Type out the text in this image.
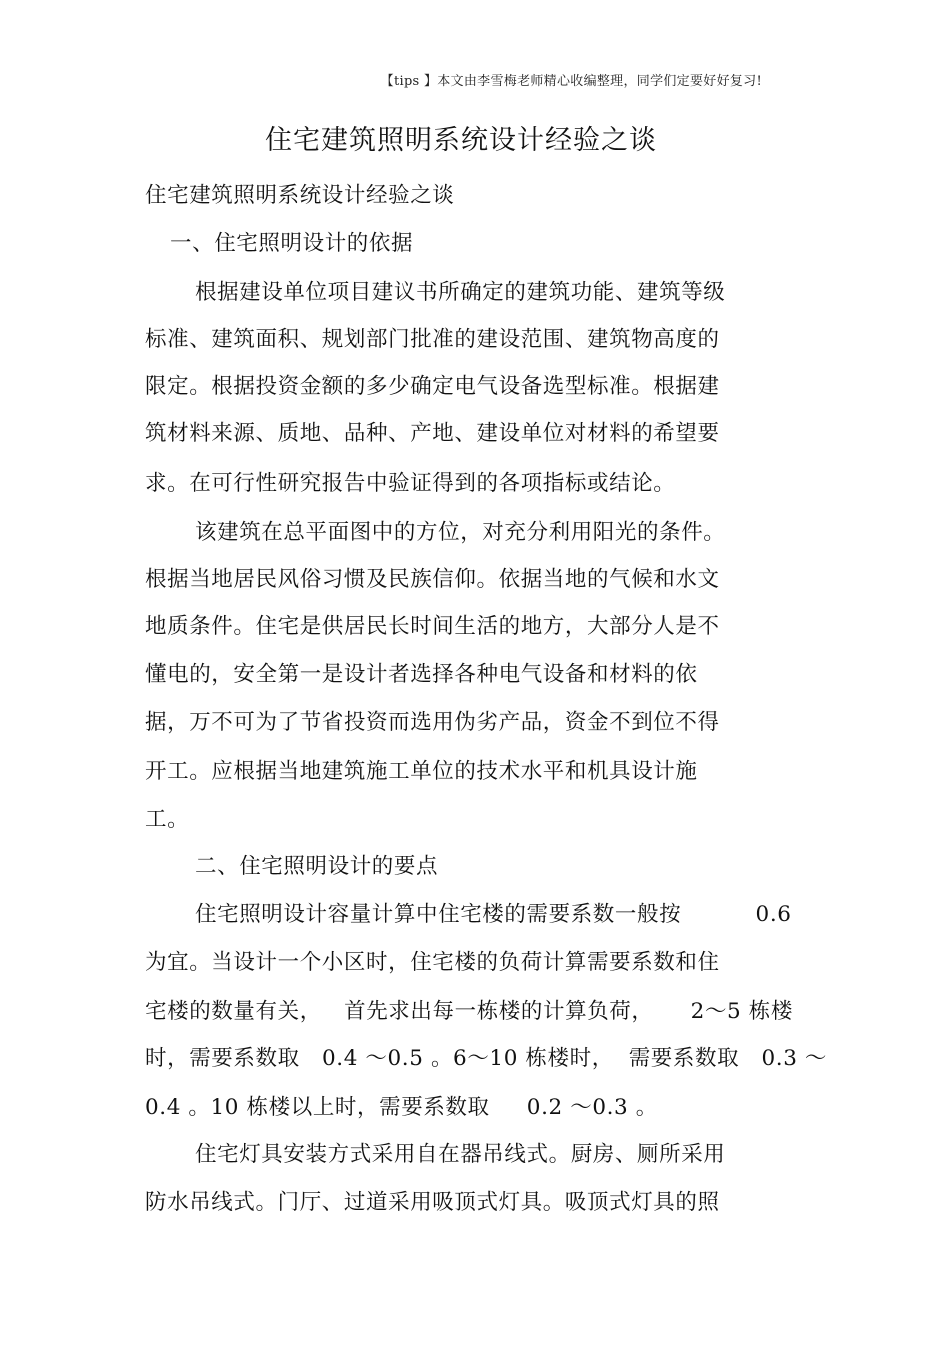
【tips 】本文由李雪梅老师精心收编整理，同学们定要好好复习!
住宅建筑照明系统设计经验之谈
住宅建筑照明系统设计经验之谈
一、住宅照明设计的依据
根据建设单位项目建议书所确定的建筑功能、建筑等级
标准、建筑面积、规划部门批准的建设范围、建筑物高度的
限定。根据投资金额的多少确定电气设备选型标准。根据建
筑材料来源、质地、品种、产地、建设单位对材料的希望要
求。在可行性研究报告中验证得到的各项指标或结论。
该建筑在总平面图中的方位，对充分利用阳光的条件。
根据当地居民风俗习惯及民族信仰。依据当地的气候和水文
地质条件。住宅是供居民长时间生活的地方，大部分人是不
懂电的，安全第一是设计者选择各种电气设备和材料的依
据，万不可为了节省投资而选用伪劣产品，资金不到位不得
开工。应根据当地建筑施工单位的技术水平和机具设计施
工。
二、住宅照明设计的要点
住宅照明设计容量计算中住宅楼的需要系数一般按          0.6
为宜。当设计一个小区时，住宅楼的负荷计算需要系数和住
宅楼的数量有关，   首先求出每一栋楼的计算负荷，     2～5 栋楼
时，需要系数取   0.4 ～0.5 。6～10 栋楼时，  需要系数取   0.3 ～
0.4 。10 栋楼以上时，需要系数取     0.2 ～0.3 。
住宅灯具安装方式采用自在器吊线式。厨房、厕所采用
防水吊线式。门厅、过道采用吸顶式灯具。吸顶式灯具的照
